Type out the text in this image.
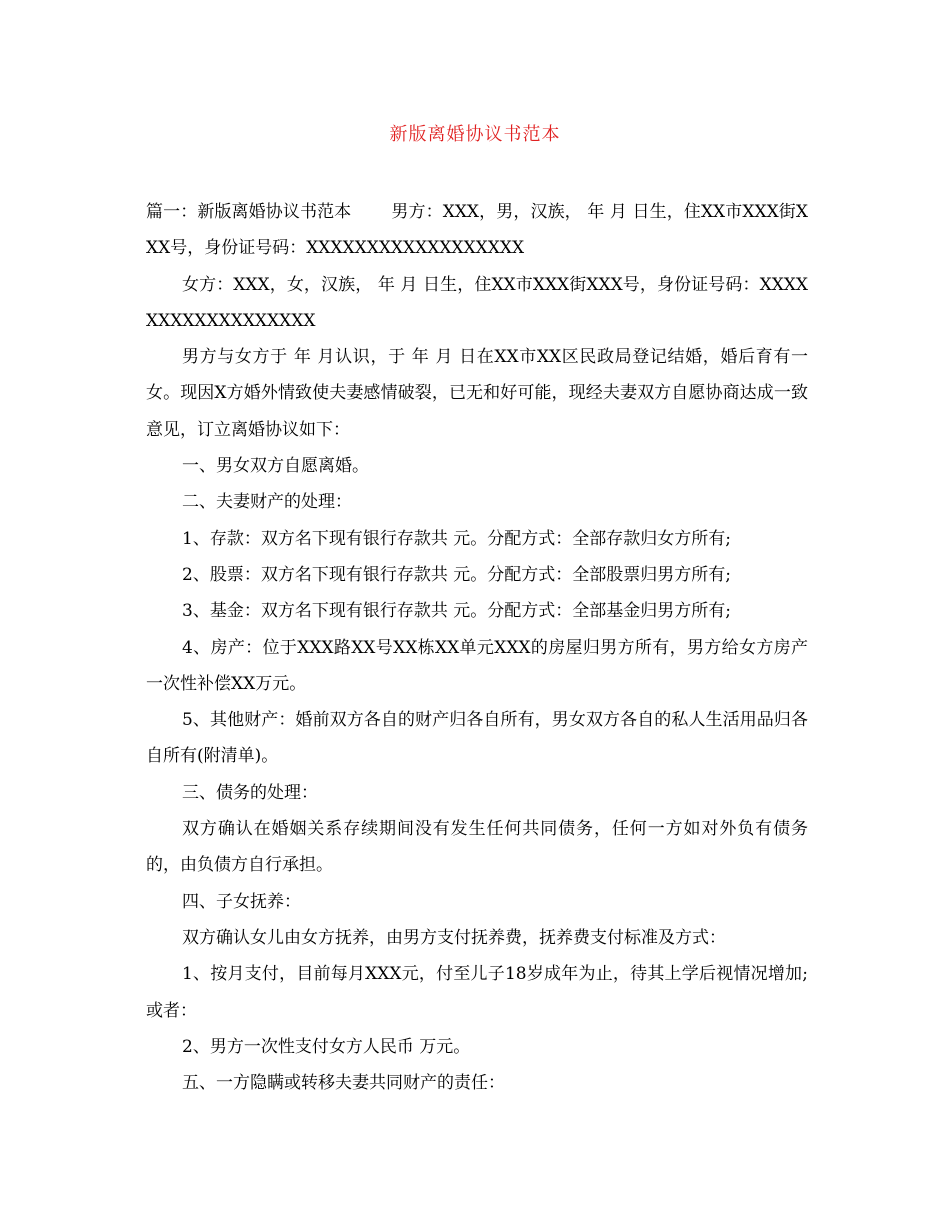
新版离婚协议书范本

篇一：新版离婚协议书范本 男方：XXX，男，汉族， 年 月 日生，住XX市XXX街XXX号，身份证号码：XXXXXXXXXXXXXXXXXX

女方：XXX，女，汉族， 年 月 日生，住XX市XXX街XXX号，身份证号码：XXXXXXXXXXXXXXXXXX

男方与女方于 年 月认识，于 年 月 日在XX市XX区民政局登记结婚，婚后育有一女。现因X方婚外情致使夫妻感情破裂，已无和好可能，现经夫妻双方自愿协商达成一致意见，订立离婚协议如下：

一、男女双方自愿离婚。

二、夫妻财产的处理：

1、存款：双方名下现有银行存款共 元。分配方式：全部存款归女方所有;

2、股票：双方名下现有银行存款共 元。分配方式：全部股票归男方所有;

3、基金：双方名下现有银行存款共 元。分配方式：全部基金归男方所有;

4、房产：位于XXX路XX号XX栋XX单元XXX的房屋归男方所有，男方给女方房产一次性补偿XX万元。

5、其他财产：婚前双方各自的财产归各自所有，男女双方各自的私人生活用品归各自所有(附清单)。

三、债务的处理：

双方确认在婚姻关系存续期间没有发生任何共同债务，任何一方如对外负有债务的，由负债方自行承担。

四、子女抚养：

双方确认女儿由女方抚养，由男方支付抚养费，抚养费支付标准及方式：

1、按月支付，目前每月XXX元，付至儿子18岁成年为止，待其上学后视情况增加;或者：

2、男方一次性支付女方人民币 万元。

五、一方隐瞒或转移夫妻共同财产的责任：
